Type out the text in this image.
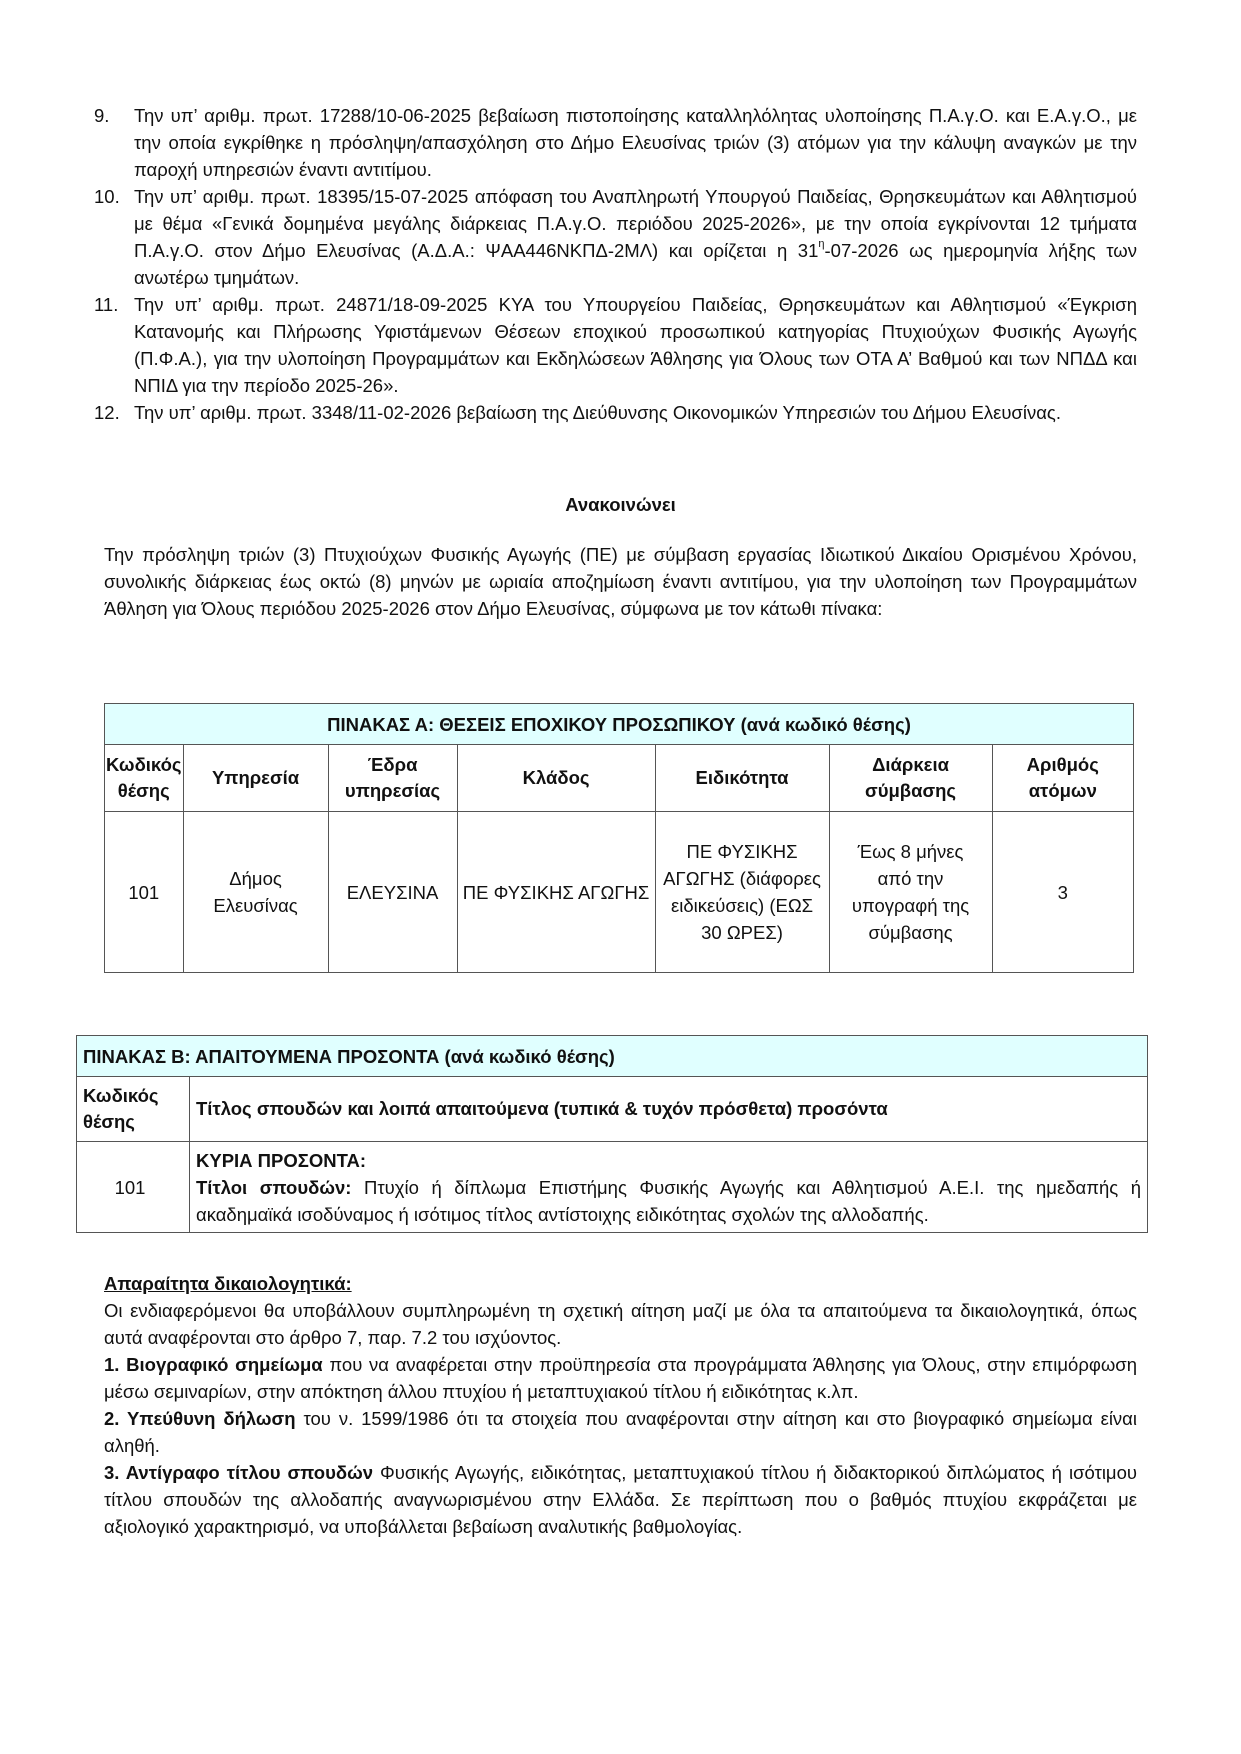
9. Την υπ’ αριθμ. πρωτ. 17288/10-06-2025 βεβαίωση πιστοποίησης καταλληλόλητας υλοποίησης Π.Α.γ.Ο. και Ε.Α.γ.Ο., με την οποία εγκρίθηκε η πρόσληψη/απασχόληση στο Δήμο Ελευσίνας τριών (3) ατόμων για την κάλυψη αναγκών με την παροχή υπηρεσιών έναντι αντιτίμου.
10. Την υπ’ αριθμ. πρωτ. 18395/15-07-2025 απόφαση του Αναπληρωτή Υπουργού Παιδείας, Θρησκευμάτων και Αθλητισμού με θέμα «Γενικά δομημένα μεγάλης διάρκειας Π.Α.γ.Ο. περιόδου 2025-2026», με την οποία εγκρίνονται 12 τμήματα Π.Α.γ.Ο. στον Δήμο Ελευσίνας (Α.Δ.Α.: ΨΑΑ446ΝΚΠΔ-2ΜΛ) και ορίζεται η $31^\eta-07-2026$ ως ημερομηνία λήξης των ανωτέρω τμημάτων.
11. Την υπ’ αριθμ. πρωτ. 24871/18-09-2025 ΚΥΑ του Υπουργείου Παιδείας, Θρησκευμάτων και Αθλητισμού «Έγκριση Κατανομής και Πλήρωσης Υφιστάμενων Θέσεων εποχικού προσωπικού κατηγορίας Πτυχιούχων Φυσικής Αγωγής (Π.Φ.Α.), για την υλοποίηση Προγραμμάτων και Εκδηλώσεων Άθλησης για Όλους των ΟΤΑ Α’ Βαθμού και των ΝΠΔΔ και ΝΠΙΔ για την περίοδο 2025-26».
12. Την υπ’ αριθμ. πρωτ. 3348/11-02-2026 βεβαίωση της Διεύθυνσης Οικονομικών Υπηρεσιών του Δήμου Ελευσίνας.
Ανακοινώνει
Την πρόσληψη τριών (3) Πτυχιούχων Φυσικής Αγωγής (ΠΕ) με σύμβαση εργασίας Ιδιωτικού Δικαίου Ορισμένου Χρόνου, συνολικής διάρκειας έως οκτώ (8) μηνών με ωριαία αποζημίωση έναντι αντιτίμου, για την υλοποίηση των Προγραμμάτων Άθληση για Όλους περιόδου 2025-2026 στον Δήμο Ελευσίνας, σύμφωνα με τον κάτωθι πίνακα:
ΠΙΝΑΚΑΣ Α: ΘΕΣΕΙΣ ΕΠΟΧΙΚΟΥ ΠΡΟΣΩΠΙΚΟΥ (ανά κωδικό θέσης)						
Κωδικός θέσης	Υπηρεσία	Έδρα υπηρεσίας	Κλάδος	Ειδικότητα	Διάρκεια σύμβασης	Αριθμός ατόμων
101	Δήμος Ελευσίνας	ΕΛΕΥΣΙΝΑ	ΠΕ ΦΥΣΙΚΗΣ ΑΓΩΓΗΣ	ΠΕ ΦΥΣΙΚΗΣ ΑΓΩΓΗΣ (διάφορες ειδικεύσεις) (ΕΩΣ 30 ΩΡΕΣ)	Έως 8 μήνες από την υπογραφή της σύμβασης	3
ΠΙΝΑΚΑΣ Β: ΑΠΑΙΤΟΥΜΕΝΑ ΠΡΟΣΟΝΤΑ (ανά κωδικό θέσης)	
Κωδικός θέσης	Τίτλος σπουδών και λοιπά απαιτούμενα (τυπικά & τυχόν πρόσθετα) προσόντα
101	ΚΥΡΙΑ ΠΡΟΣΟΝΤΑ:
Τίτλοι σπουδών: Πτυχίο ή δίπλωμα Επιστήμης Φυσικής Αγωγής και Αθλητισμού Α.Ε.Ι. της ημεδαπής ή ακαδημαϊκά ισοδύναμος ή ισότιμος τίτλος αντίστοιχης ειδικότητας σχολών της αλλοδαπής.
Απαραίτητα δικαιολογητικά:
Οι ενδιαφερόμενοι θα υποβάλλουν συμπληρωμένη τη σχετική αίτηση μαζί με όλα τα απαιτούμενα τα δικαιολογητικά, όπως αυτά αναφέρονται στο άρθρο 7, παρ. 7.2 του ισχύοντος.
1. Βιογραφικό σημείωμα που να αναφέρεται στην προϋπηρεσία στα προγράμματα Άθλησης για Όλους, στην επιμόρφωση μέσω σεμιναρίων, στην απόκτηση άλλου πτυχίου ή μεταπτυχιακού τίτλου ή ειδικότητας κ.λπ.
2. Υπεύθυνη δήλωση του ν. 1599/1986 ότι τα στοιχεία που αναφέρονται στην αίτηση και στο βιογραφικό σημείωμα είναι αληθή.
3. Αντίγραφο τίτλου σπουδών Φυσικής Αγωγής, ειδικότητας, μεταπτυχιακού τίτλου ή διδακτορικού διπλώματος ή ισότιμου τίτλου σπουδών της αλλοδαπής αναγνωρισμένου στην Ελλάδα. Σε περίπτωση που ο βαθμός πτυχίου εκφράζεται με αξιολογικό χαρακτηρισμό, να υποβάλλεται βεβαίωση αναλυτικής βαθμολογίας.
